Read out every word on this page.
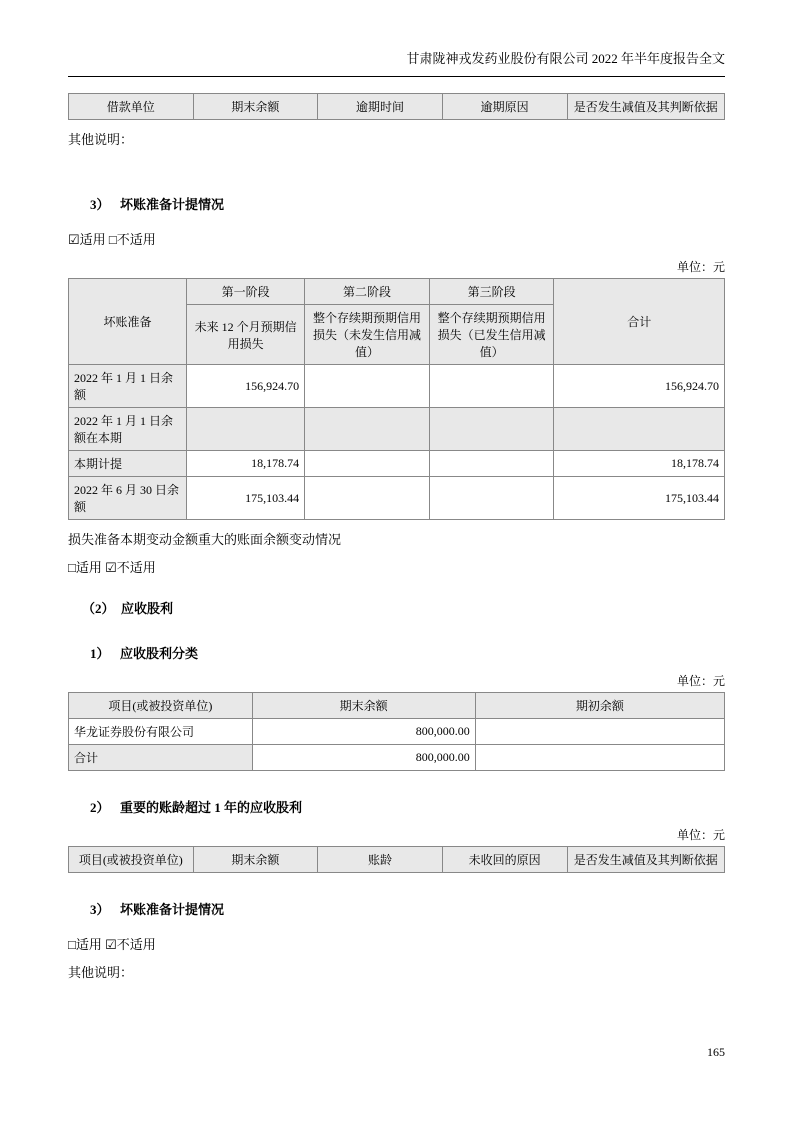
甘肃陇神戎发药业股份有限公司 2022 年半年度报告全文
借款单位	期末余额	逾期时间	逾期原因	是否发生减值及其判断依据

其他说明：

3） 坏账准备计提情况

☑适用 □不适用

单位：元

坏账准备	第一阶段	第二阶段	第三阶段	合计
	未来 12 个月预期信用损失	整个存续期预期信用损失（未发生信用减值）	整个存续期预期信用损失（已发生信用减值）	
2022 年 1 月 1 日余额	156,924.70			156,924.70
2022 年 1 月 1 日余额在本期				
本期计提	18,178.74			18,178.74
2022 年 6 月 30 日余额	175,103.44			175,103.44

损失准备本期变动金额重大的账面余额变动情况

□适用 ☑不适用

（2） 应收股利

1） 应收股利分类

单位：元

项目(或被投资单位)	期末余额	期初余额
华龙证券股份有限公司	800,000.00	
合计	800,000.00	

2） 重要的账龄超过 1 年的应收股利

单位：元

项目(或被投资单位)	期末余额	账龄	未收回的原因	是否发生减值及其判断依据

3） 坏账准备计提情况

□适用 ☑不适用

其他说明：

165
